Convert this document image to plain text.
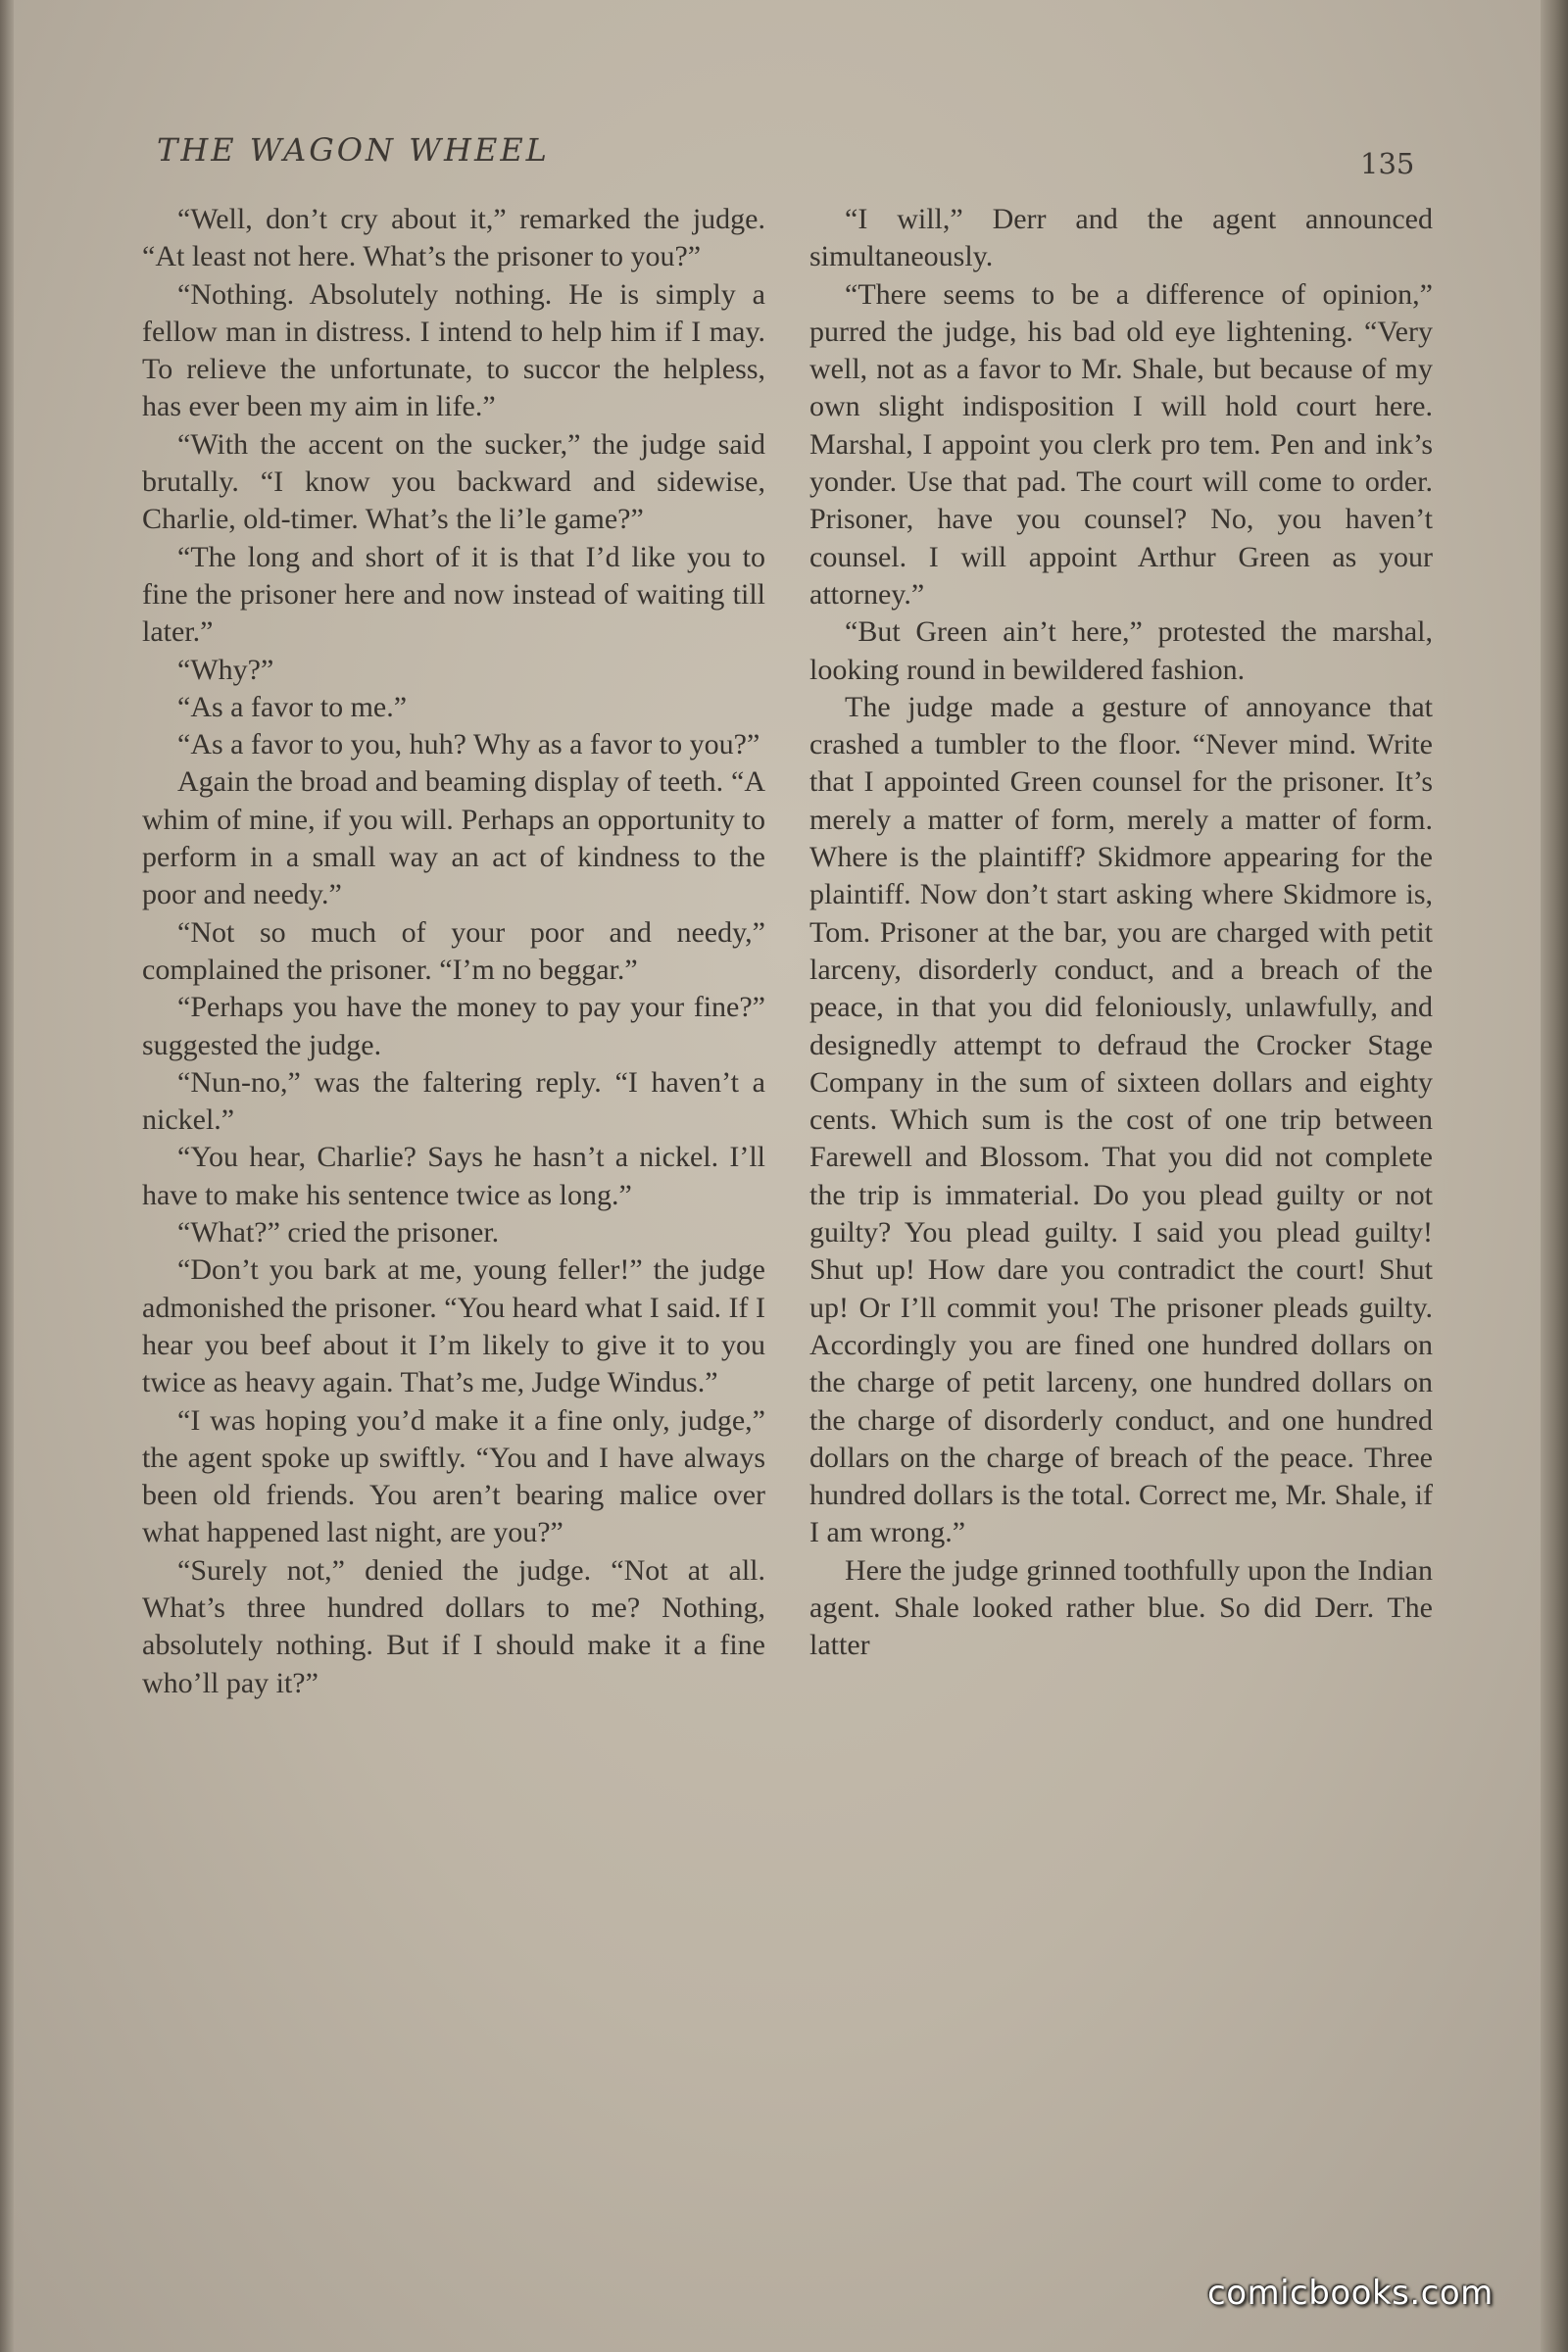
THE WAGON WHEEL	135

“Well, don’t cry about it,” remarked the judge. “At least not here. What’s the prisoner to you?”

“Nothing. Absolutely nothing. He is simply a fellow man in distress. I intend to help him if I may. To relieve the unfortunate, to succor the helpless, has ever been my aim in life.”

“With the accent on the sucker,” the judge said brutally. “I know you backward and sidewise, Charlie, old-timer. What’s the li’le game?”

“The long and short of it is that I’d like you to fine the prisoner here and now instead of waiting till later.”

“Why?”

“As a favor to me.”

“As a favor to you, huh? Why as a favor to you?”

Again the broad and beaming display of teeth. “A whim of mine, if you will. Perhaps an opportunity to perform in a small way an act of kindness to the poor and needy.”

“Not so much of your poor and needy,” complained the prisoner. “I’m no beggar.”

“Perhaps you have the money to pay your fine?” suggested the judge.

“Nun-no,” was the faltering reply. “I haven’t a nickel.”

“You hear, Charlie? Says he hasn’t a nickel. I’ll have to make his sentence twice as long.”

“What?” cried the prisoner.

“Don’t you bark at me, young feller!” the judge admonished the prisoner. “You heard what I said. If I hear you beef about it I’m likely to give it to you twice as heavy again. That’s me, Judge Windus.”

“I was hoping you’d make it a fine only, judge,” the agent spoke up swiftly. “You and I have always been old friends. You aren’t bearing malice over what happened last night, are you?”

“Surely not,” denied the judge. “Not at all. What’s three hundred dollars to me? Nothing, absolutely nothing. But if I should make it a fine who’ll pay it?”

“I will,” Derr and the agent announced simultaneously.

“There seems to be a difference of opinion,” purred the judge, his bad old eye lightening. “Very well, not as a favor to Mr. Shale, but because of my own slight indisposition I will hold court here. Marshal, I appoint you clerk pro tem. Pen and ink’s yonder. Use that pad. The court will come to order. Prisoner, have you counsel? No, you haven’t counsel. I will appoint Arthur Green as your attorney.”

“But Green ain’t here,” protested the marshal, looking round in bewildered fashion.

The judge made a gesture of annoyance that crashed a tumbler to the floor. “Never mind. Write that I appointed Green counsel for the prisoner. It’s merely a matter of form, merely a matter of form. Where is the plaintiff? Skidmore appearing for the plaintiff. Now don’t start asking where Skidmore is, Tom. Prisoner at the bar, you are charged with petit larceny, disorderly conduct, and a breach of the peace, in that you did feloniously, unlawfully, and designedly attempt to defraud the Crocker Stage Company in the sum of sixteen dollars and eighty cents. Which sum is the cost of one trip between Farewell and Blossom. That you did not complete the trip is immaterial. Do you plead guilty or not guilty? You plead guilty. I said you plead guilty! Shut up! How dare you contradict the court! Shut up! Or I’ll commit you! The prisoner pleads guilty. Accordingly you are fined one hundred dollars on the charge of petit larceny, one hundred dollars on the charge of disorderly conduct, and one hundred dollars on the charge of breach of the peace. Three hundred dollars is the total. Correct me, Mr. Shale, if I am wrong.”

Here the judge grinned toothfully upon the Indian agent. Shale looked rather blue. So did Derr. The latter

comicbooks.com
